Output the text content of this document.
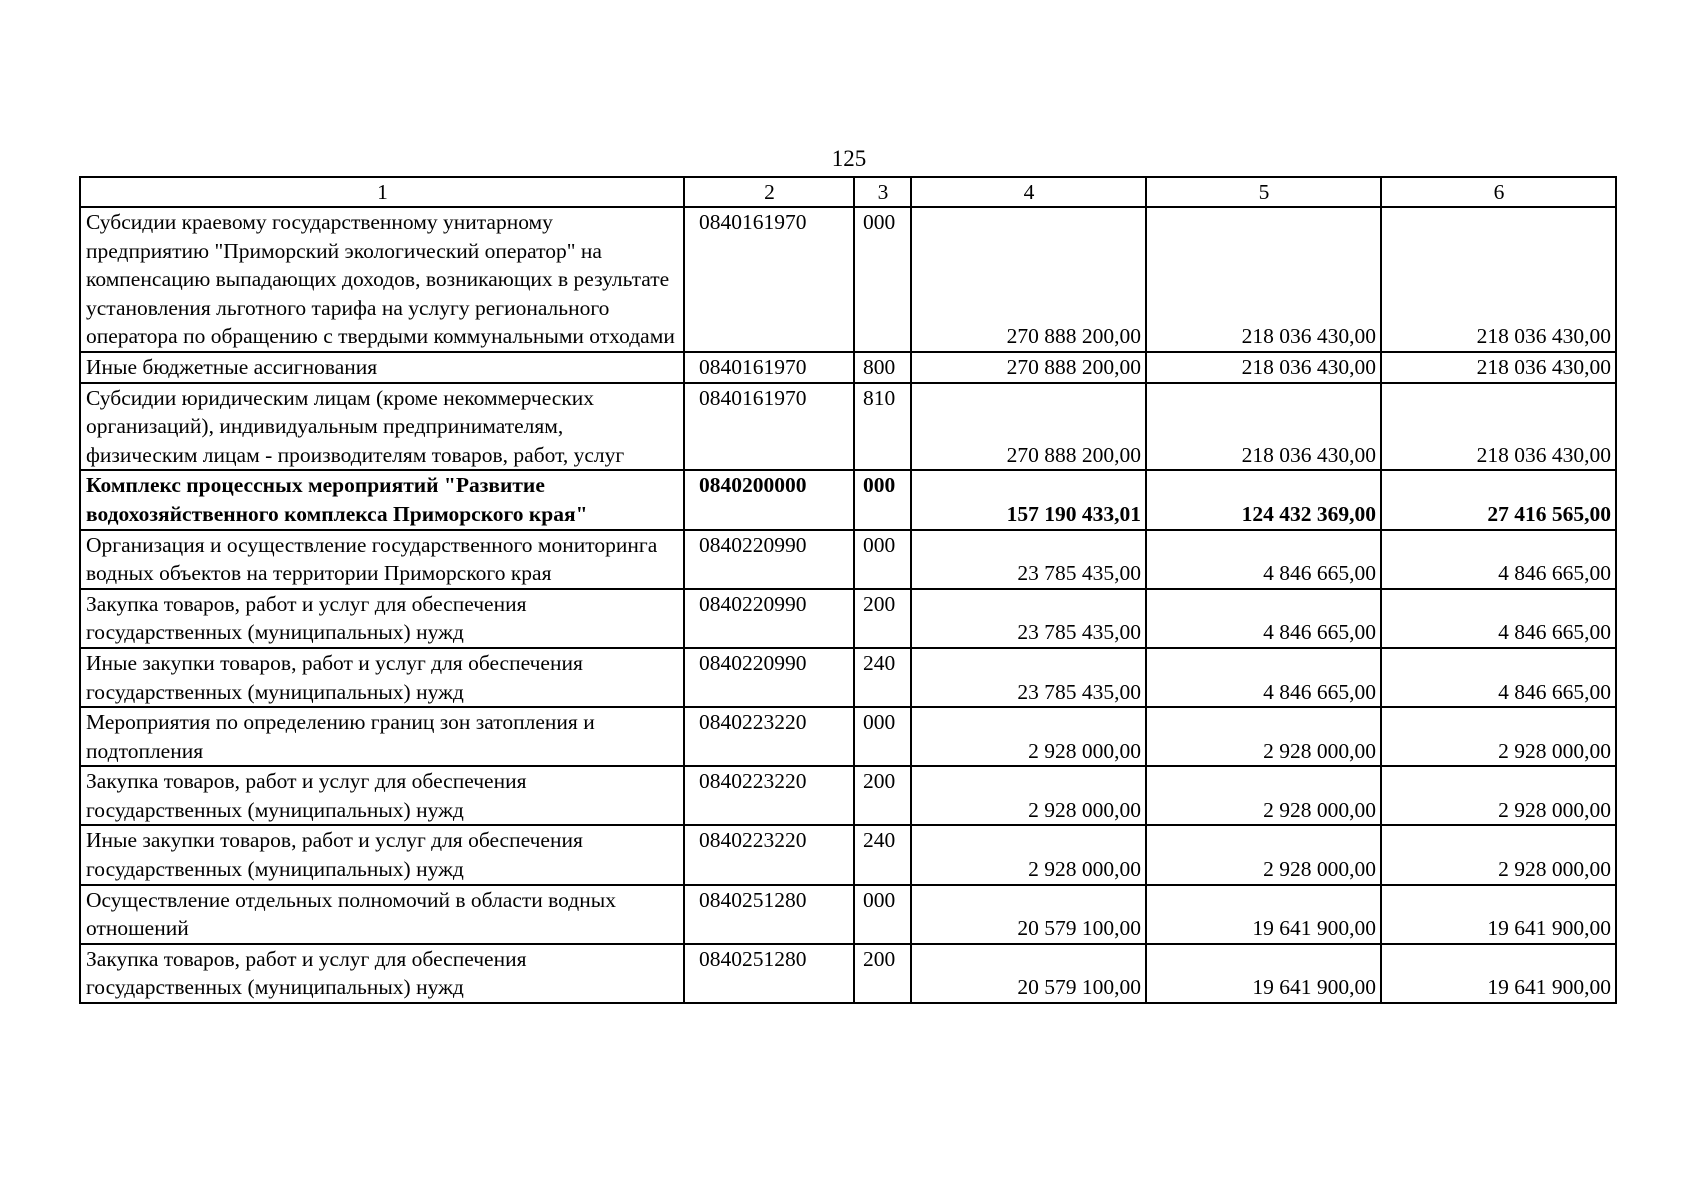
125
1	2	3	4	5	6
Субсидии краевому государственному унитарному предприятию "Приморский экологический оператор" на компенсацию выпадающих доходов, возникающих в результате установления льготного тарифа на услугу регионального оператора по обращению с твердыми коммунальными отходами	0840161970	000	270 888 200,00	218 036 430,00	218 036 430,00
Иные бюджетные ассигнования	0840161970	800	270 888 200,00	218 036 430,00	218 036 430,00
Субсидии юридическим лицам (кроме некоммерческих организаций), индивидуальным предпринимателям, физическим лицам - производителям товаров, работ, услуг	0840161970	810	270 888 200,00	218 036 430,00	218 036 430,00
Комплекс процессных мероприятий "Развитие водохозяйственного комплекса Приморского края"	0840200000	000	157 190 433,01	124 432 369,00	27 416 565,00
Организация и осуществление государственного мониторинга водных объектов на территории Приморского края	0840220990	000	23 785 435,00	4 846 665,00	4 846 665,00
Закупка товаров, работ и услуг для обеспечения государственных (муниципальных) нужд	0840220990	200	23 785 435,00	4 846 665,00	4 846 665,00
Иные закупки товаров, работ и услуг для обеспечения государственных (муниципальных) нужд	0840220990	240	23 785 435,00	4 846 665,00	4 846 665,00
Мероприятия по определению границ зон затопления и подтопления	0840223220	000	2 928 000,00	2 928 000,00	2 928 000,00
Закупка товаров, работ и услуг для обеспечения государственных (муниципальных) нужд	0840223220	200	2 928 000,00	2 928 000,00	2 928 000,00
Иные закупки товаров, работ и услуг для обеспечения государственных (муниципальных) нужд	0840223220	240	2 928 000,00	2 928 000,00	2 928 000,00
Осуществление отдельных полномочий в области водных отношений	0840251280	000	20 579 100,00	19 641 900,00	19 641 900,00
Закупка товаров, работ и услуг для обеспечения государственных (муниципальных) нужд	0840251280	200	20 579 100,00	19 641 900,00	19 641 900,00
